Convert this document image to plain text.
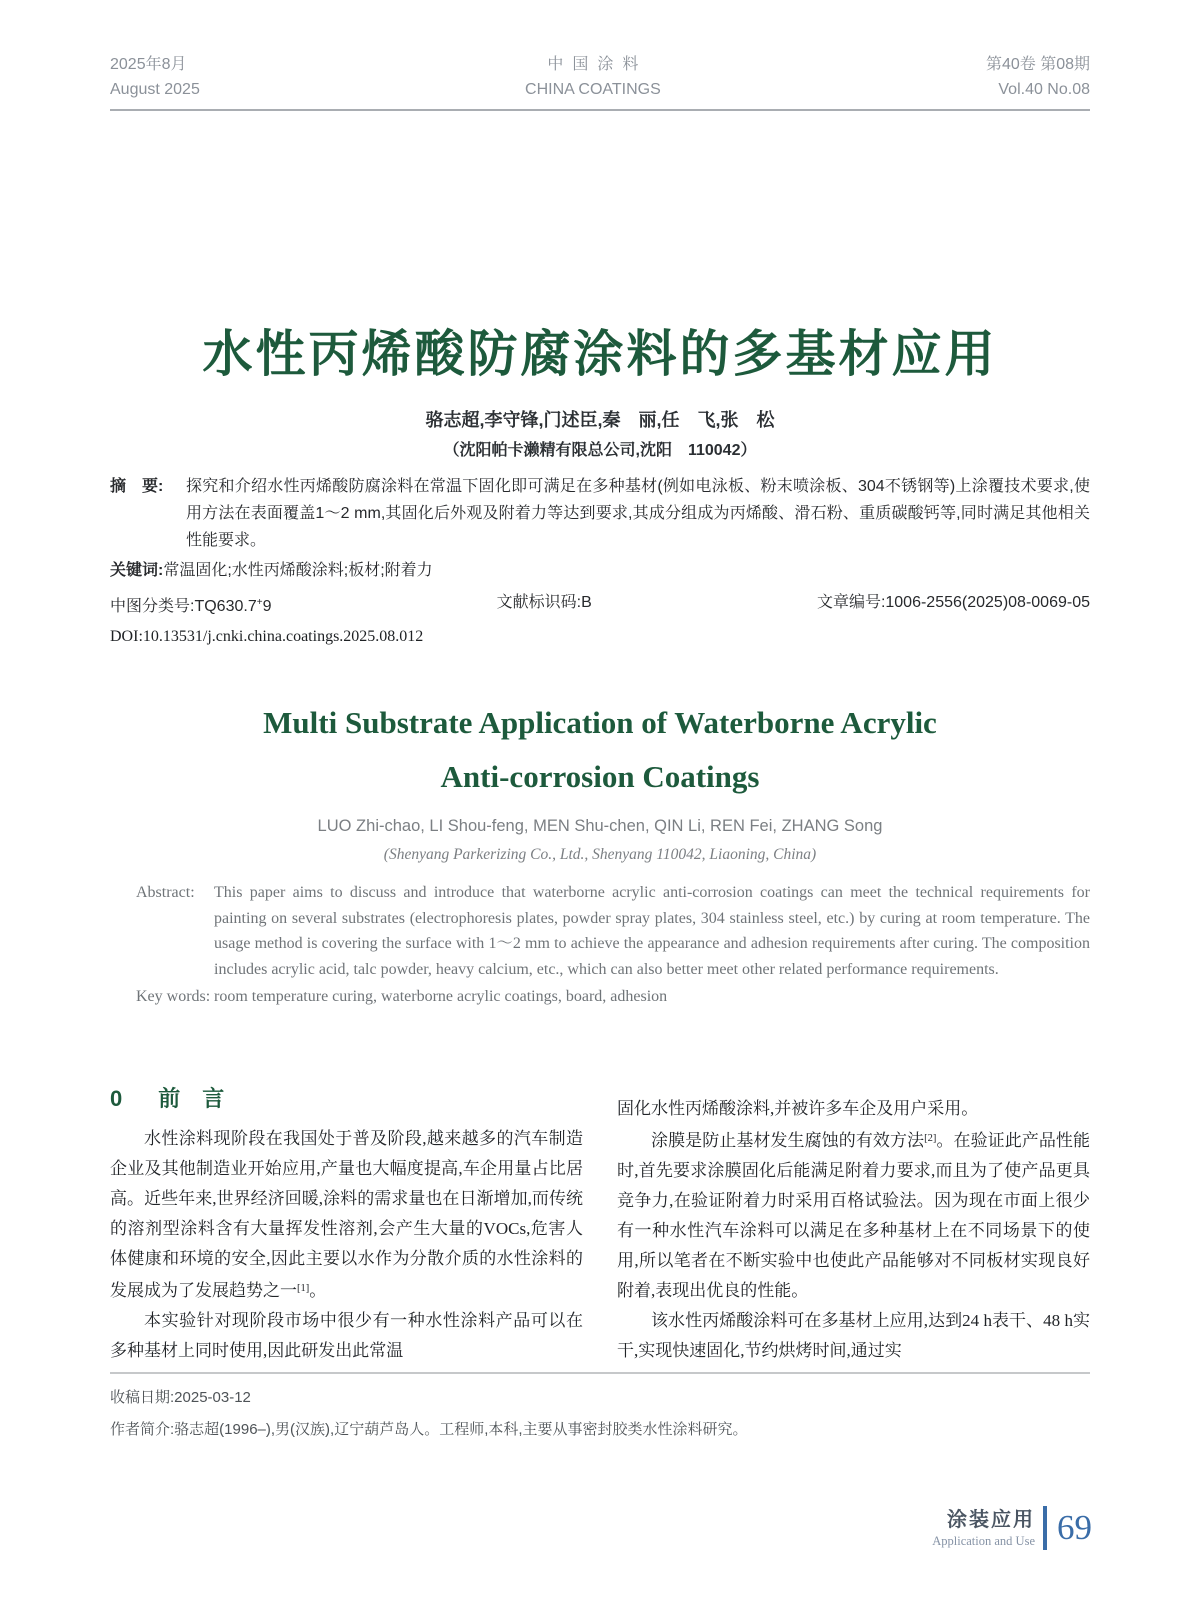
2025年8月
August 2025
中国涂料
CHINA COATINGS
第40卷 第08期
Vol.40 No.08
水性丙烯酸防腐涂料的多基材应用
骆志超,李守锋,门述臣,秦　丽,任　飞,张　松
（沈阳帕卡濑精有限总公司,沈阳　110042）
摘　要:	探究和介绍水性丙烯酸防腐涂料在常温下固化即可满足在多种基材(例如电泳板、粉末喷涂板、304不锈钢等)上涂覆技术要求,使用方法在表面覆盖1～2 mm,其固化后外观及附着力等达到要求,其成分组成为丙烯酸、滑石粉、重质碳酸钙等,同时满足其他相关性能要求。
关键词:常温固化;水性丙烯酸涂料;板材;附着力
中图分类号:TQ630.7+9	文献标识码:B	文章编号:1006-2556(2025)08-0069-05
DOI:10.13531/j.cnki.china.coatings.2025.08.012
Multi Substrate Application of Waterborne Acrylic
Anti-corrosion Coatings
LUO Zhi-chao, LI Shou-feng, MEN Shu-chen, QIN Li, REN Fei, ZHANG Song
(Shenyang Parkerizing Co., Ltd., Shenyang 110042, Liaoning, China)
Abstract:	This paper aims to discuss and introduce that waterborne acrylic anti-corrosion coatings can meet the technical requirements for painting on several substrates (electrophoresis plates, powder spray plates, 304 stainless steel, etc.) by curing at room temperature. The usage method is covering the surface with 1～2 mm to achieve the appearance and adhesion requirements after curing. The composition includes acrylic acid, talc powder, heavy calcium, etc., which can also better meet other related performance requirements.
Key words: room temperature curing, waterborne acrylic coatings, board, adhesion
0 前　言

水性涂料现阶段在我国处于普及阶段,越来越多的汽车制造企业及其他制造业开始应用,产量也大幅度提高,车企用量占比居高。近些年来,世界经济回暖,涂料的需求量也在日渐增加,而传统的溶剂型涂料含有大量挥发性溶剂,会产生大量的VOCs,危害人体健康和环境的安全,因此主要以水作为分散介质的水性涂料的发展成为了发展趋势之一[1]。

本实验针对现阶段市场中很少有一种水性涂料产品可以在多种基材上同时使用,因此研发出此常温

固化水性丙烯酸涂料,并被许多车企及用户采用。

涂膜是防止基材发生腐蚀的有效方法[2]。在验证此产品性能时,首先要求涂膜固化后能满足附着力要求,而且为了使产品更具竞争力,在验证附着力时采用百格试验法。因为现在市面上很少有一种水性汽车涂料可以满足在多种基材上在不同场景下的使用,所以笔者在不断实验中也使此产品能够对不同板材实现良好附着,表现出优良的性能。

该水性丙烯酸涂料可在多基材上应用,达到24 h表干、48 h实干,实现快速固化,节约烘烤时间,通过实

收稿日期:2025-03-12
作者简介:骆志超(1996–),男(汉族),辽宁葫芦岛人。工程师,本科,主要从事密封胶类水性涂料研究。
涂装应用
Application and Use 69
